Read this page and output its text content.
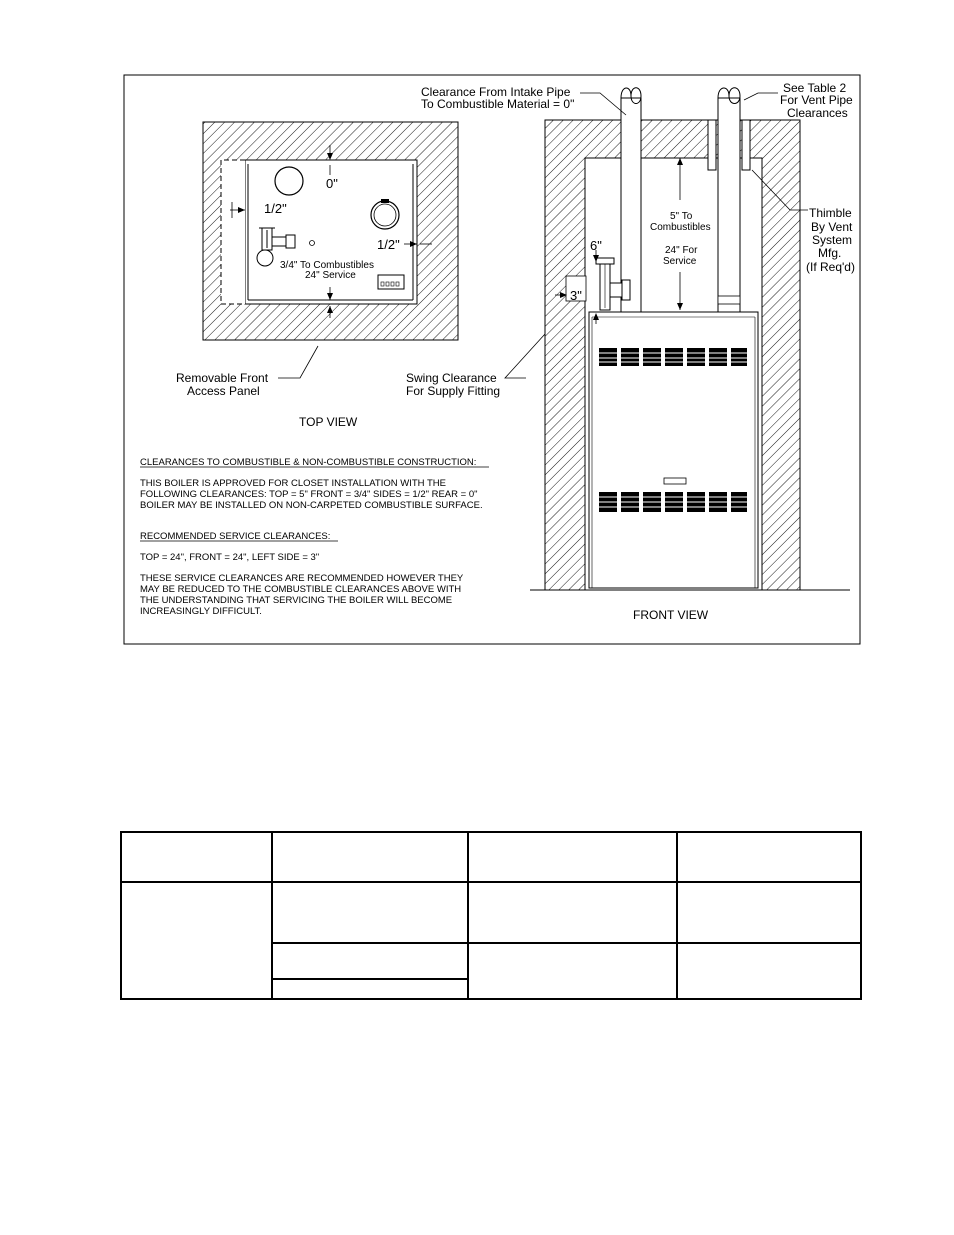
0"
1/2"
1/2"
3/4" To Combustibles
24" Service
Removable Front
Access Panel
Swing Clearance
For Supply Fitting
TOP VIEW
Clearance From Intake Pipe
To Combustible Material = 0"
See Table 2
For Vent Pipe
Clearances
Thimble
By Vent
System
Mfg.
(If Req'd)
5" To
Combustibles
24" For
Service
6"
3"
FRONT VIEW
CLEARANCES TO COMBUSTIBLE & NON-COMBUSTIBLE CONSTRUCTION:
THIS BOILER IS APPROVED FOR CLOSET INSTALLATION WITH THE
FOLLOWING CLEARANCES: TOP = 5" FRONT = 3/4" SIDES = 1/2" REAR = 0"
BOILER MAY BE INSTALLED ON NON-CARPETED COMBUSTIBLE SURFACE.
RECOMMENDED SERVICE CLEARANCES:
TOP = 24", FRONT = 24", LEFT SIDE = 3"
THESE SERVICE CLEARANCES ARE RECOMMENDED HOWEVER THEY
MAY BE REDUCED TO THE COMBUSTIBLE CLEARANCES ABOVE WITH
THE UNDERSTANDING THAT SERVICING THE BOILER WILL BECOME
INCREASINGLY DIFFICULT.
